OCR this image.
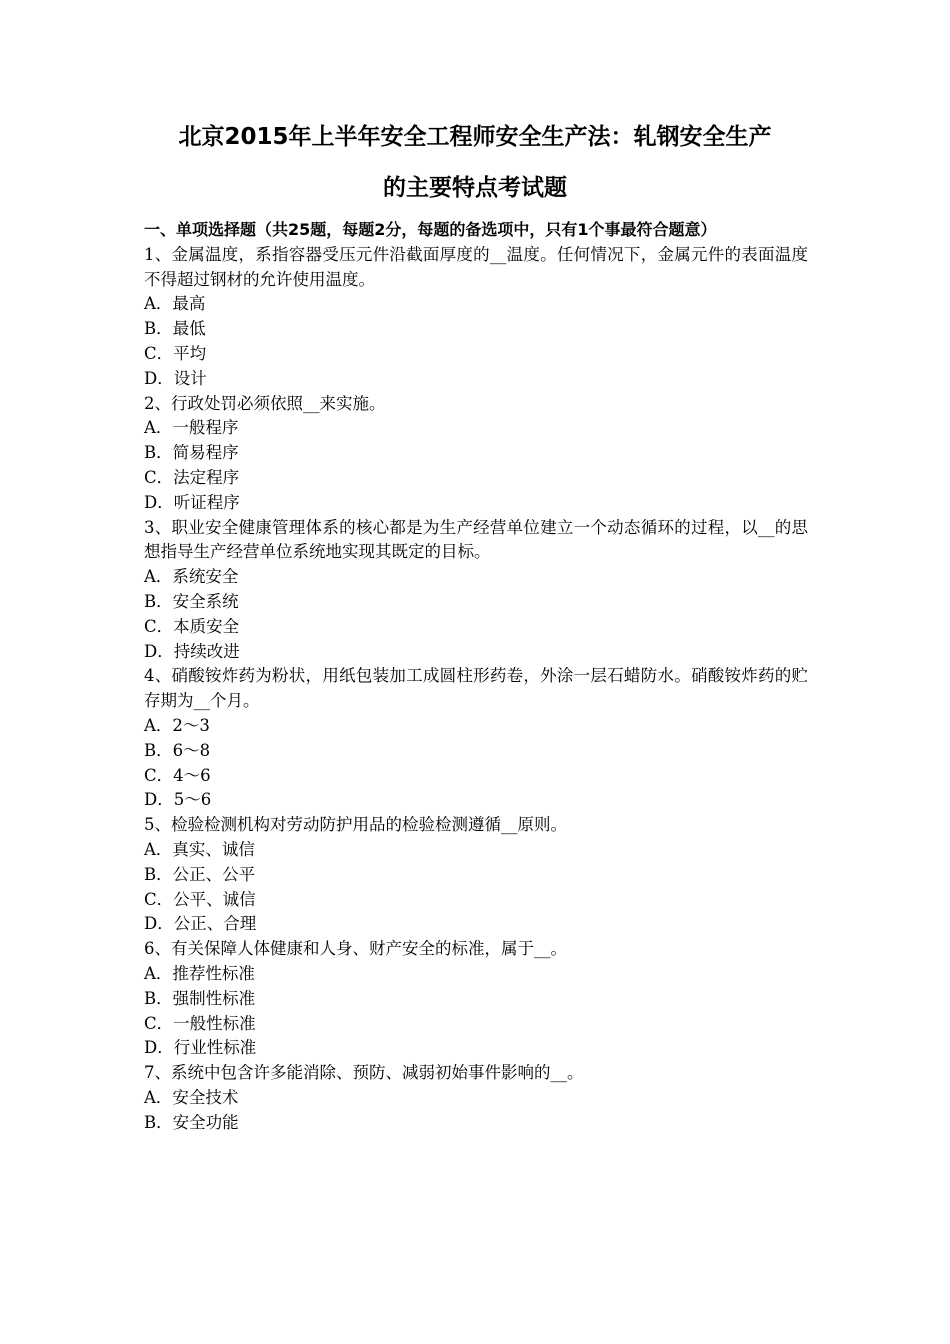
北京2015年上半年安全工程师安全生产法：轧钢安全生产
的主要特点考试题
一、单项选择题（共25题，每题2分，每题的备选项中，只有1个事最符合题意）
1、金属温度，系指容器受压元件沿截面厚度的__温度。任何情况下，金属元件的表面温度不得超过钢材的允许使用温度。
A．最高
B．最低
C．平均
D．设计
2、行政处罚必须依照__来实施。
A．一般程序
B．简易程序
C．法定程序
D．听证程序
3、职业安全健康管理体系的核心都是为生产经营单位建立一个动态循环的过程，以__的思想指导生产经营单位系统地实现其既定的目标。
A．系统安全
B．安全系统
C．本质安全
D．持续改进
4、硝酸铵炸药为粉状，用纸包装加工成圆柱形药卷，外涂一层石蜡防水。硝酸铵炸药的贮存期为__个月。
A．2～3
B．6～8
C．4～6
D．5～6
5、检验检测机构对劳动防护用品的检验检测遵循__原则。
A．真实、诚信
B．公正、公平
C．公平、诚信
D．公正、合理
6、有关保障人体健康和人身、财产安全的标准，属于__。
A．推荐性标准
B．强制性标准
C．一般性标准
D．行业性标准
7、系统中包含许多能消除、预防、减弱初始事件影响的__。
A．安全技术
B．安全功能
